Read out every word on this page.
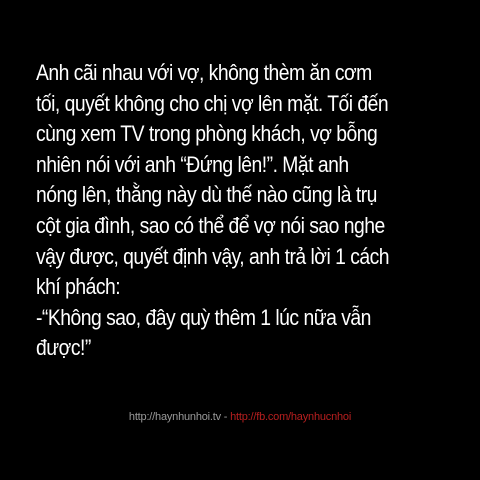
Anh cãi nhau với vợ, không thèm ăn cơm
tối, quyết không cho chị vợ lên mặt. Tối đến
cùng xem TV trong phòng khách, vợ bỗng
nhiên nói với anh “Đứng lên!”. Mặt anh
nóng lên, thằng này dù thế nào cũng là trụ
cột gia đình, sao có thể để vợ nói sao nghe
vậy được, quyết định vậy, anh trả lời 1 cách
khí phách:
-“Không sao, đây quỳ thêm 1 lúc nữa vẫn
được!”

http://haynhunhoi.tv - http://fb.com/haynhucnhoi
